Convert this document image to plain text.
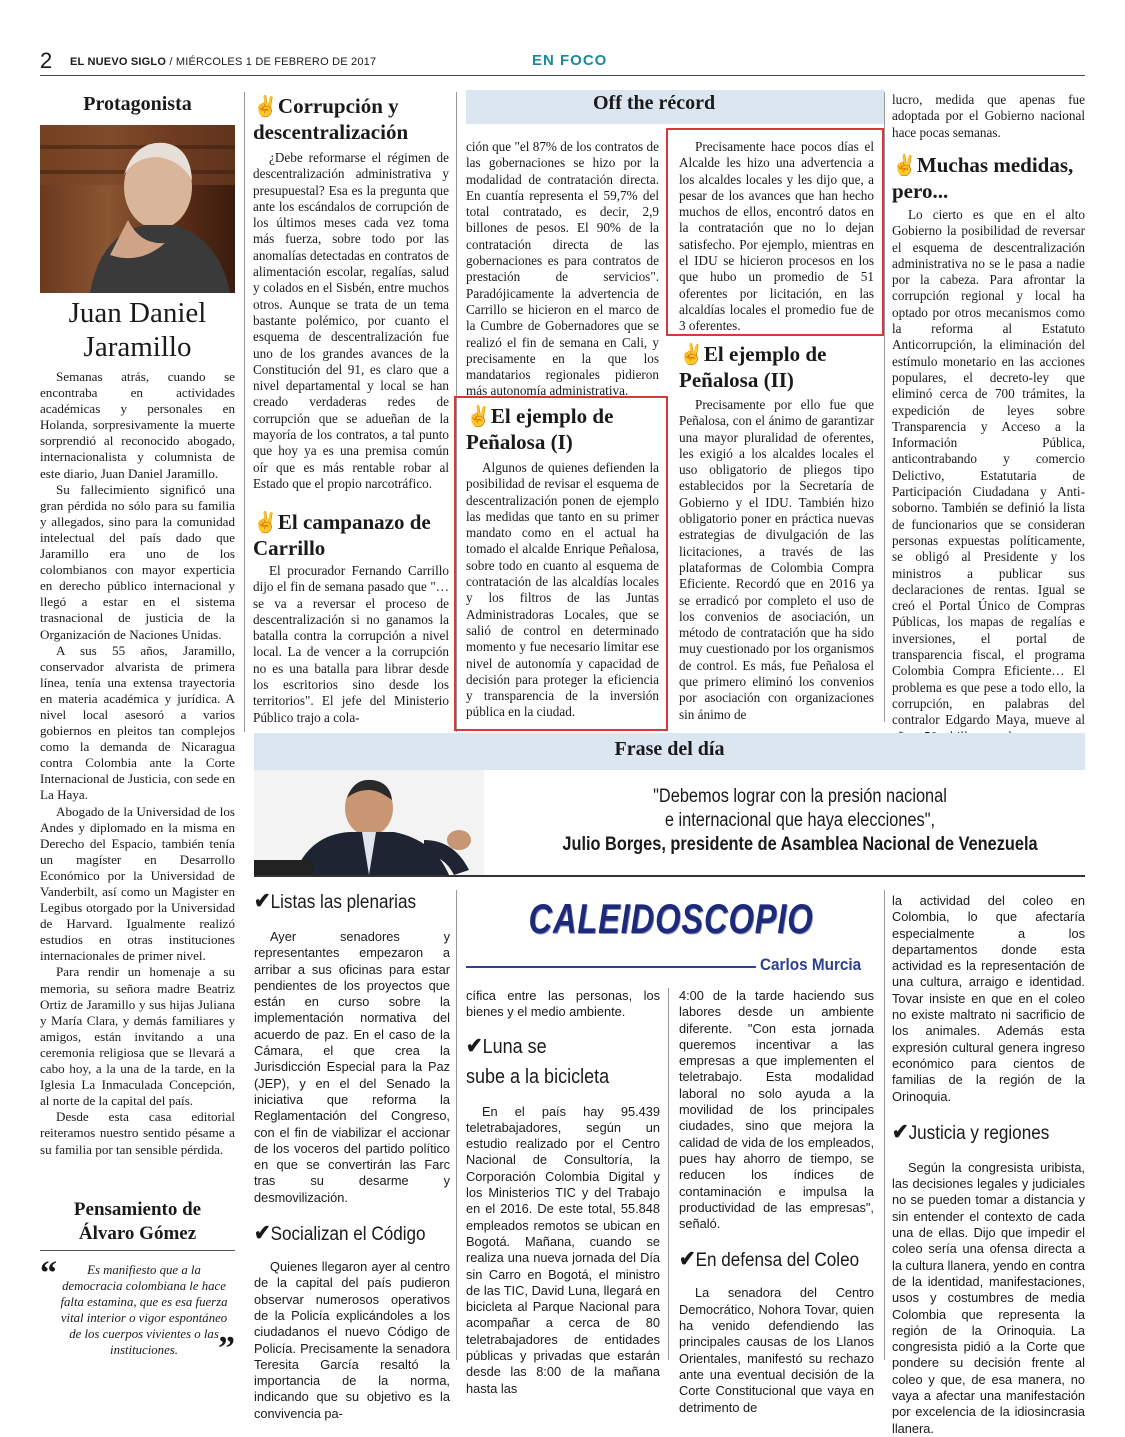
2 EL NUEVO SIGLO / MIÉRCOLES 1 DE FEBRERO DE 2017	EN FOCO
Protagonista
Juan Daniel
Jaramillo

Semanas atrás, cuando se encontraba en actividades académicas y personales en Holanda, sorpresivamente la muerte sorprendió al reconocido abogado, internacionalista y columnista de este diario, Juan Daniel Jaramillo.

Su fallecimiento significó una gran pérdida no sólo para su familia y allegados, sino para la comunidad intelectual del país dado que Jaramillo era uno de los colombianos con mayor experticia en derecho público internacional y llegó a estar en el sistema trasnacional de justicia de la Organización de Naciones Unidas.

A sus 55 años, Jaramillo, conservador alvarista de primera línea, tenía una extensa trayectoria en materia académica y jurídica. A nivel local asesoró a varios gobiernos en pleitos tan complejos como la demanda de Nicaragua contra Colombia ante la Corte Internacional de Justicia, con sede en La Haya.

Abogado de la Universidad de los Andes y diplomado en la misma en Derecho del Espacio, también tenía un magíster en Desarrollo Económico por la Universidad de Vanderbilt, así como un Magister en Legibus otorgado por la Universidad de Harvard. Igualmente realizó estudios en otras instituciones internacionales de primer nivel.

Para rendir un homenaje a su memoria, su señora madre Beatriz Ortiz de Jaramillo y sus hijas Juliana y María Clara, y demás familiares y amigos, están invitando a una ceremonia religiosa que se llevará a cabo hoy, a la una de la tarde, en la Iglesia La Inmaculada Concepción, al norte de la capital del país.

Desde esta casa editorial reiteramos nuestro sentido pésame a su familia por tan sensible pérdida.

Pensamiento de
Álvaro Gómez
“	Es manifiesto que a la democracia colombiana le hace falta estamina, que es esa fuerza vital interior o vigor espontáneo de los cuerpos vivientes o las instituciones.	”
✌Corrupción y descentralización

¿Debe reformarse el régimen de descentralización administrativa y presupuestal? Esa es la pregunta que ante los escándalos de corrupción de los últimos meses cada vez toma más fuerza, sobre todo por las anomalías detectadas en contratos de alimentación escolar, regalías, salud y colados en el Sisbén, entre muchos otros. Aunque se trata de un tema bastante polémico, por cuanto el esquema de descentralización fue uno de los grandes avances de la Constitución del 91, es claro que a nivel departamental y local se han creado verdaderas redes de corrupción que se adueñan de la mayoría de los contratos, a tal punto que hoy ya es una premisa común oír que es más rentable robar al Estado que el propio narcotráfico.

✌El campanazo de Carrillo

El procurador Fernando Carrillo dijo el fin de semana pasado que "… se va a reversar el proceso de descentralización si no ganamos la batalla contra la corrupción a nivel local. La de vencer a la corrupción no es una batalla para librar desde los escritorios sino desde los territorios". El jefe del Ministerio Público trajo a cola-

Off the récord

ción que "el 87% de los contratos de las gobernaciones se hizo por la modalidad de contratación directa. En cuantía representa el 59,7% del total contratado, es decir, 2,9 billones de pesos. El 90% de la contratación directa de las gobernaciones es para contratos de prestación de servicios". Paradójicamente la advertencia de Carrillo se hicieron en el marco de la Cumbre de Gobernadores que se realizó el fin de semana en Cali, y precisamente en la que los mandatarios regionales pidieron más autonomía administrativa.

✌El ejemplo de Peñalosa (I)

Algunos de quienes defienden la posibilidad de revisar el esquema de descentralización ponen de ejemplo las medidas que tanto en su primer mandato como en el actual ha tomado el alcalde Enrique Peñalosa, sobre todo en cuanto al esquema de contratación de las alcaldías locales y los filtros de las Juntas Administradoras Locales, que se salió de control en determinado momento y fue necesario limitar ese nivel de autonomía y capacidad de decisión para proteger la eficiencia y transparencia de la inversión pública en la ciudad.

Precisamente hace pocos días el Alcalde les hizo una advertencia a los alcaldes locales y les dijo que, a pesar de los avances que han hecho muchos de ellos, encontró datos en la contratación que no lo dejan satisfecho. Por ejemplo, mientras en el IDU se hicieron procesos en los que hubo un promedio de 51 oferentes por licitación, en las alcaldías locales el promedio fue de 3 oferentes.

✌El ejemplo de Peñalosa (II)

Precisamente por ello fue que Peñalosa, con el ánimo de garantizar una mayor pluralidad de oferentes, les exigió a los alcaldes locales el uso obligatorio de pliegos tipo establecidos por la Secretaría de Gobierno y el IDU. También hizo obligatorio poner en práctica nuevas estrategias de divulgación de las licitaciones, a través de las plataformas de Colombia Compra Eficiente. Recordó que en 2016 ya se erradicó por completo el uso de los convenios de asociación, un método de contratación que ha sido muy cuestionado por los organismos de control. Es más, fue Peñalosa el que primero eliminó los convenios por asociación con organizaciones sin ánimo de

lucro, medida que apenas fue adoptada por el Gobierno nacional hace pocas semanas.

✌Muchas medidas, pero...

Lo cierto es que en el alto Gobierno la posibilidad de reversar el esquema de descentralización administrativa no se le pasa a nadie por la cabeza. Para afrontar la corrupción regional y local ha optado por otros mecanismos como la reforma al Estatuto Anticorrupción, la eliminación del estímulo monetario en las acciones populares, el decreto-ley que eliminó cerca de 700 trámites, la expedición de leyes sobre Transparencia y Acceso a la Información Pública, anticontrabando y comercio Delictivo, Estatutaria de Participación Ciudadana y Anti-soborno. También se definió la lista de funcionarios que se consideran personas expuestas políticamente, se obligó al Presidente y los ministros a publicar sus declaraciones de rentas. Igual se creó el Portal Único de Compras Públicas, los mapas de regalías e inversiones, el portal de transparencia fiscal, el programa Colombia Compra Eficiente… El problema es que pese a todo ello, la corrupción, en palabras del contralor Edgardo Maya, mueve al

Frase del día
"Debemos lograr con la presión nacional
e internacional que haya elecciones",
Julio Borges, presidente de Asamblea Nacional de Venezuela
✔Listas las plenarias

Ayer senadores y representantes empezaron a arribar a sus oficinas para estar pendientes de los proyectos que están en curso sobre la implementación normativa del acuerdo de paz. En el caso de la Cámara, el que crea la Jurisdicción Especial para la Paz (JEP), y en el del Senado la iniciativa que reforma la Reglamentación del Congreso, con el fin de viabilizar el accionar de los voceros del partido político en que se convertirán las Farc tras su desarme y desmovilización.

✔Socializan el Código

Quienes llegaron ayer al centro de la capital del país pudieron observar numerosos operativos de la Policía explicándoles a los ciudadanos el nuevo Código de Policía. Precisamente la senadora Teresita García resaltó la importancia de la norma, indicando que su objetivo es la convivencia pa-

CALEIDOSCOPIO
Carlos Murcia

cífica entre las personas, los bienes y el medio ambiente.

✔Luna se
sube a la bicicleta

En el país hay 95.439 teletrabajadores, según un estudio realizado por el Centro Nacional de Consultoría, la Corporación Colombia Digital y los Ministerios TIC y del Trabajo en el 2016. De este total, 55.848 empleados remotos se ubican en Bogotá. Mañana, cuando se realiza una nueva jornada del Día sin Carro en Bogotá, el ministro de las TIC, David Luna, llegará en bicicleta al Parque Nacional para acompañar a cerca de 80 teletrabajadores de entidades públicas y privadas que estarán desde las 8:00 de la mañana hasta las

4:00 de la tarde haciendo sus labores desde un ambiente diferente. "Con esta jornada queremos incentivar a las empresas a que implementen el teletrabajo. Esta modalidad laboral no solo ayuda a la movilidad de los principales ciudades, sino que mejora la calidad de vida de los empleados, pues hay ahorro de tiempo, se reducen los índices de contaminación e impulsa la productividad de las empresas", señaló.

✔En defensa del Coleo

La senadora del Centro Democrático, Nohora Tovar, quien ha venido defendiendo las principales causas de los Llanos Orientales, manifestó su rechazo ante una eventual decisión de la Corte Constitucional que vaya en detrimento de

la actividad del coleo en Colombia, lo que afectaría especialmente a los departamentos donde esta actividad es la representación de una cultura, arraigo e identidad. Tovar insiste en que en el coleo no existe maltrato ni sacrificio de los animales. Además esta expresión cultural genera ingreso económico para cientos de familias de la región de la Orinoquia.

✔Justicia y regiones

Según la congresista uribista, las decisiones legales y judiciales no se pueden tomar a distancia y sin entender el contexto de cada una de ellas. Dijo que impedir el coleo sería una ofensa directa a la cultura llanera, yendo en contra de la identidad, manifestaciones, usos y costumbres de media Colombia que representa la región de la Orinoquia. La congresista pidió a la Corte que pondere su decisión frente al coleo y que, de esa manera, no vaya a afectar una manifestación por excelencia de la idiosincrasia llanera.
